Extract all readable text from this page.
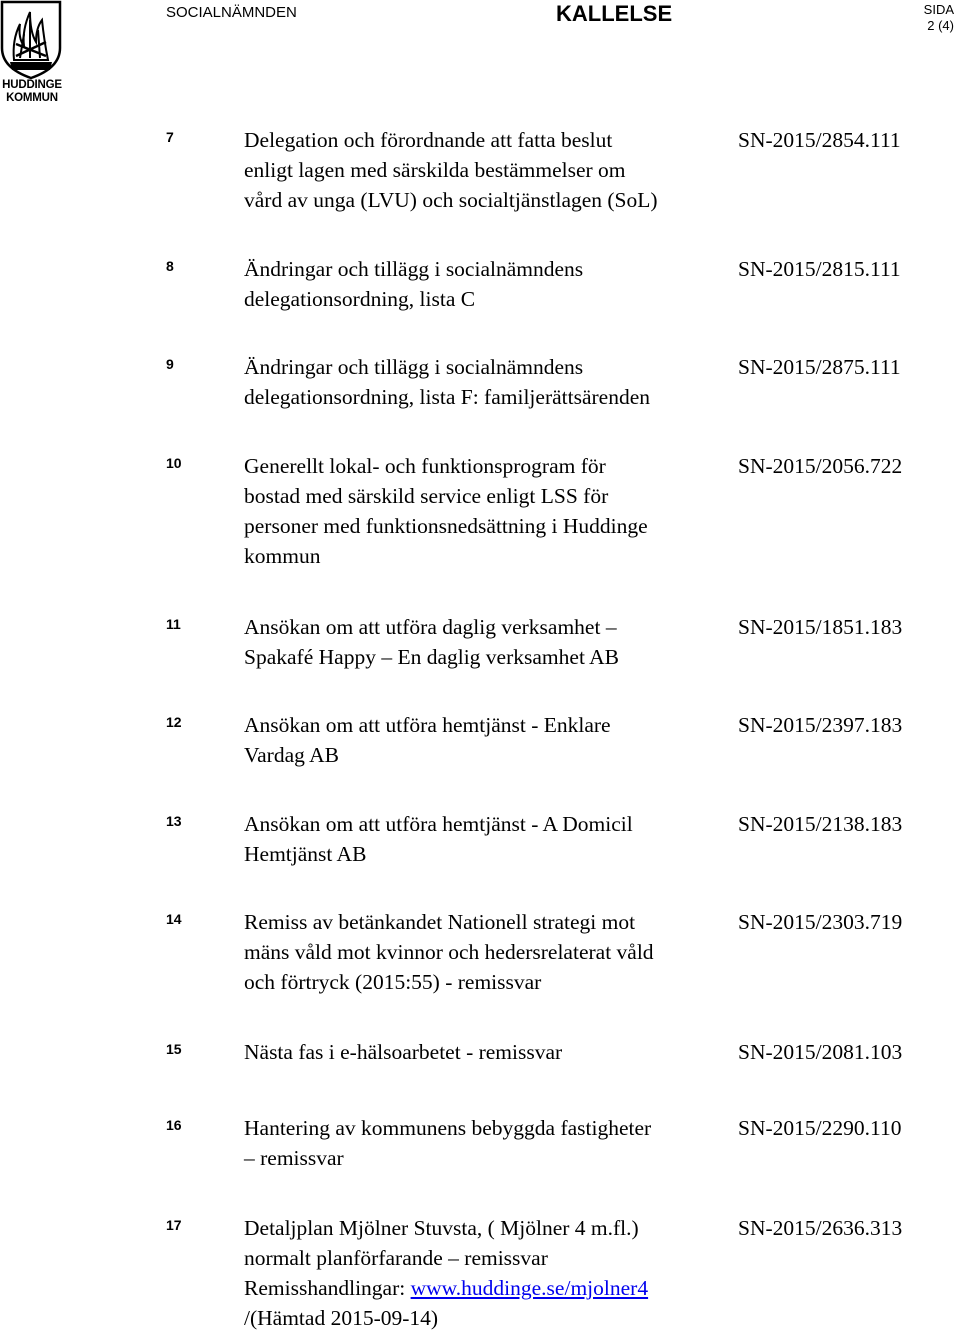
HUDDINGE
KOMMUN
SOCIALNÄMNDEN	KALLELSE	SIDA
2 (4)
7	Delegation och förordnande att fatta beslut
enligt lagen med särskilda bestämmelser om
vård av unga (LVU) och socialtjänstlagen (SoL)
SN-2015/2854.111
8	Ändringar och tillägg i socialnämndens
delegationsordning, lista C
SN-2015/2815.111
9	Ändringar och tillägg i socialnämndens
delegationsordning, lista F: familjerättsärenden
SN-2015/2875.111
10	Generellt lokal- och funktionsprogram för
bostad med särskild service enligt LSS för
personer med funktionsnedsättning i Huddinge
kommun
SN-2015/2056.722
11	Ansökan om att utföra daglig verksamhet –
Spakafé Happy – En daglig verksamhet AB
SN-2015/1851.183
12	Ansökan om att utföra hemtjänst - Enklare
Vardag AB
SN-2015/2397.183
13	Ansökan om att utföra hemtjänst - A Domicil
Hemtjänst AB
SN-2015/2138.183
14	Remiss av betänkandet Nationell strategi mot
mäns våld mot kvinnor och hedersrelaterat våld
och förtryck (2015:55) - remissvar
SN-2015/2303.719
15	Nästa fas i e-hälsoarbetet - remissvar	SN-2015/2081.103
16	Hantering av kommunens bebyggda fastigheter
– remissvar
SN-2015/2290.110
17	Detaljplan Mjölner Stuvsta, ( Mjölner 4 m.fl.)
normalt planförfarande – remissvar
Remisshandlingar: www.huddinge.se/mjolner4
/(Hämtad 2015-09-14)
SN-2015/2636.313
